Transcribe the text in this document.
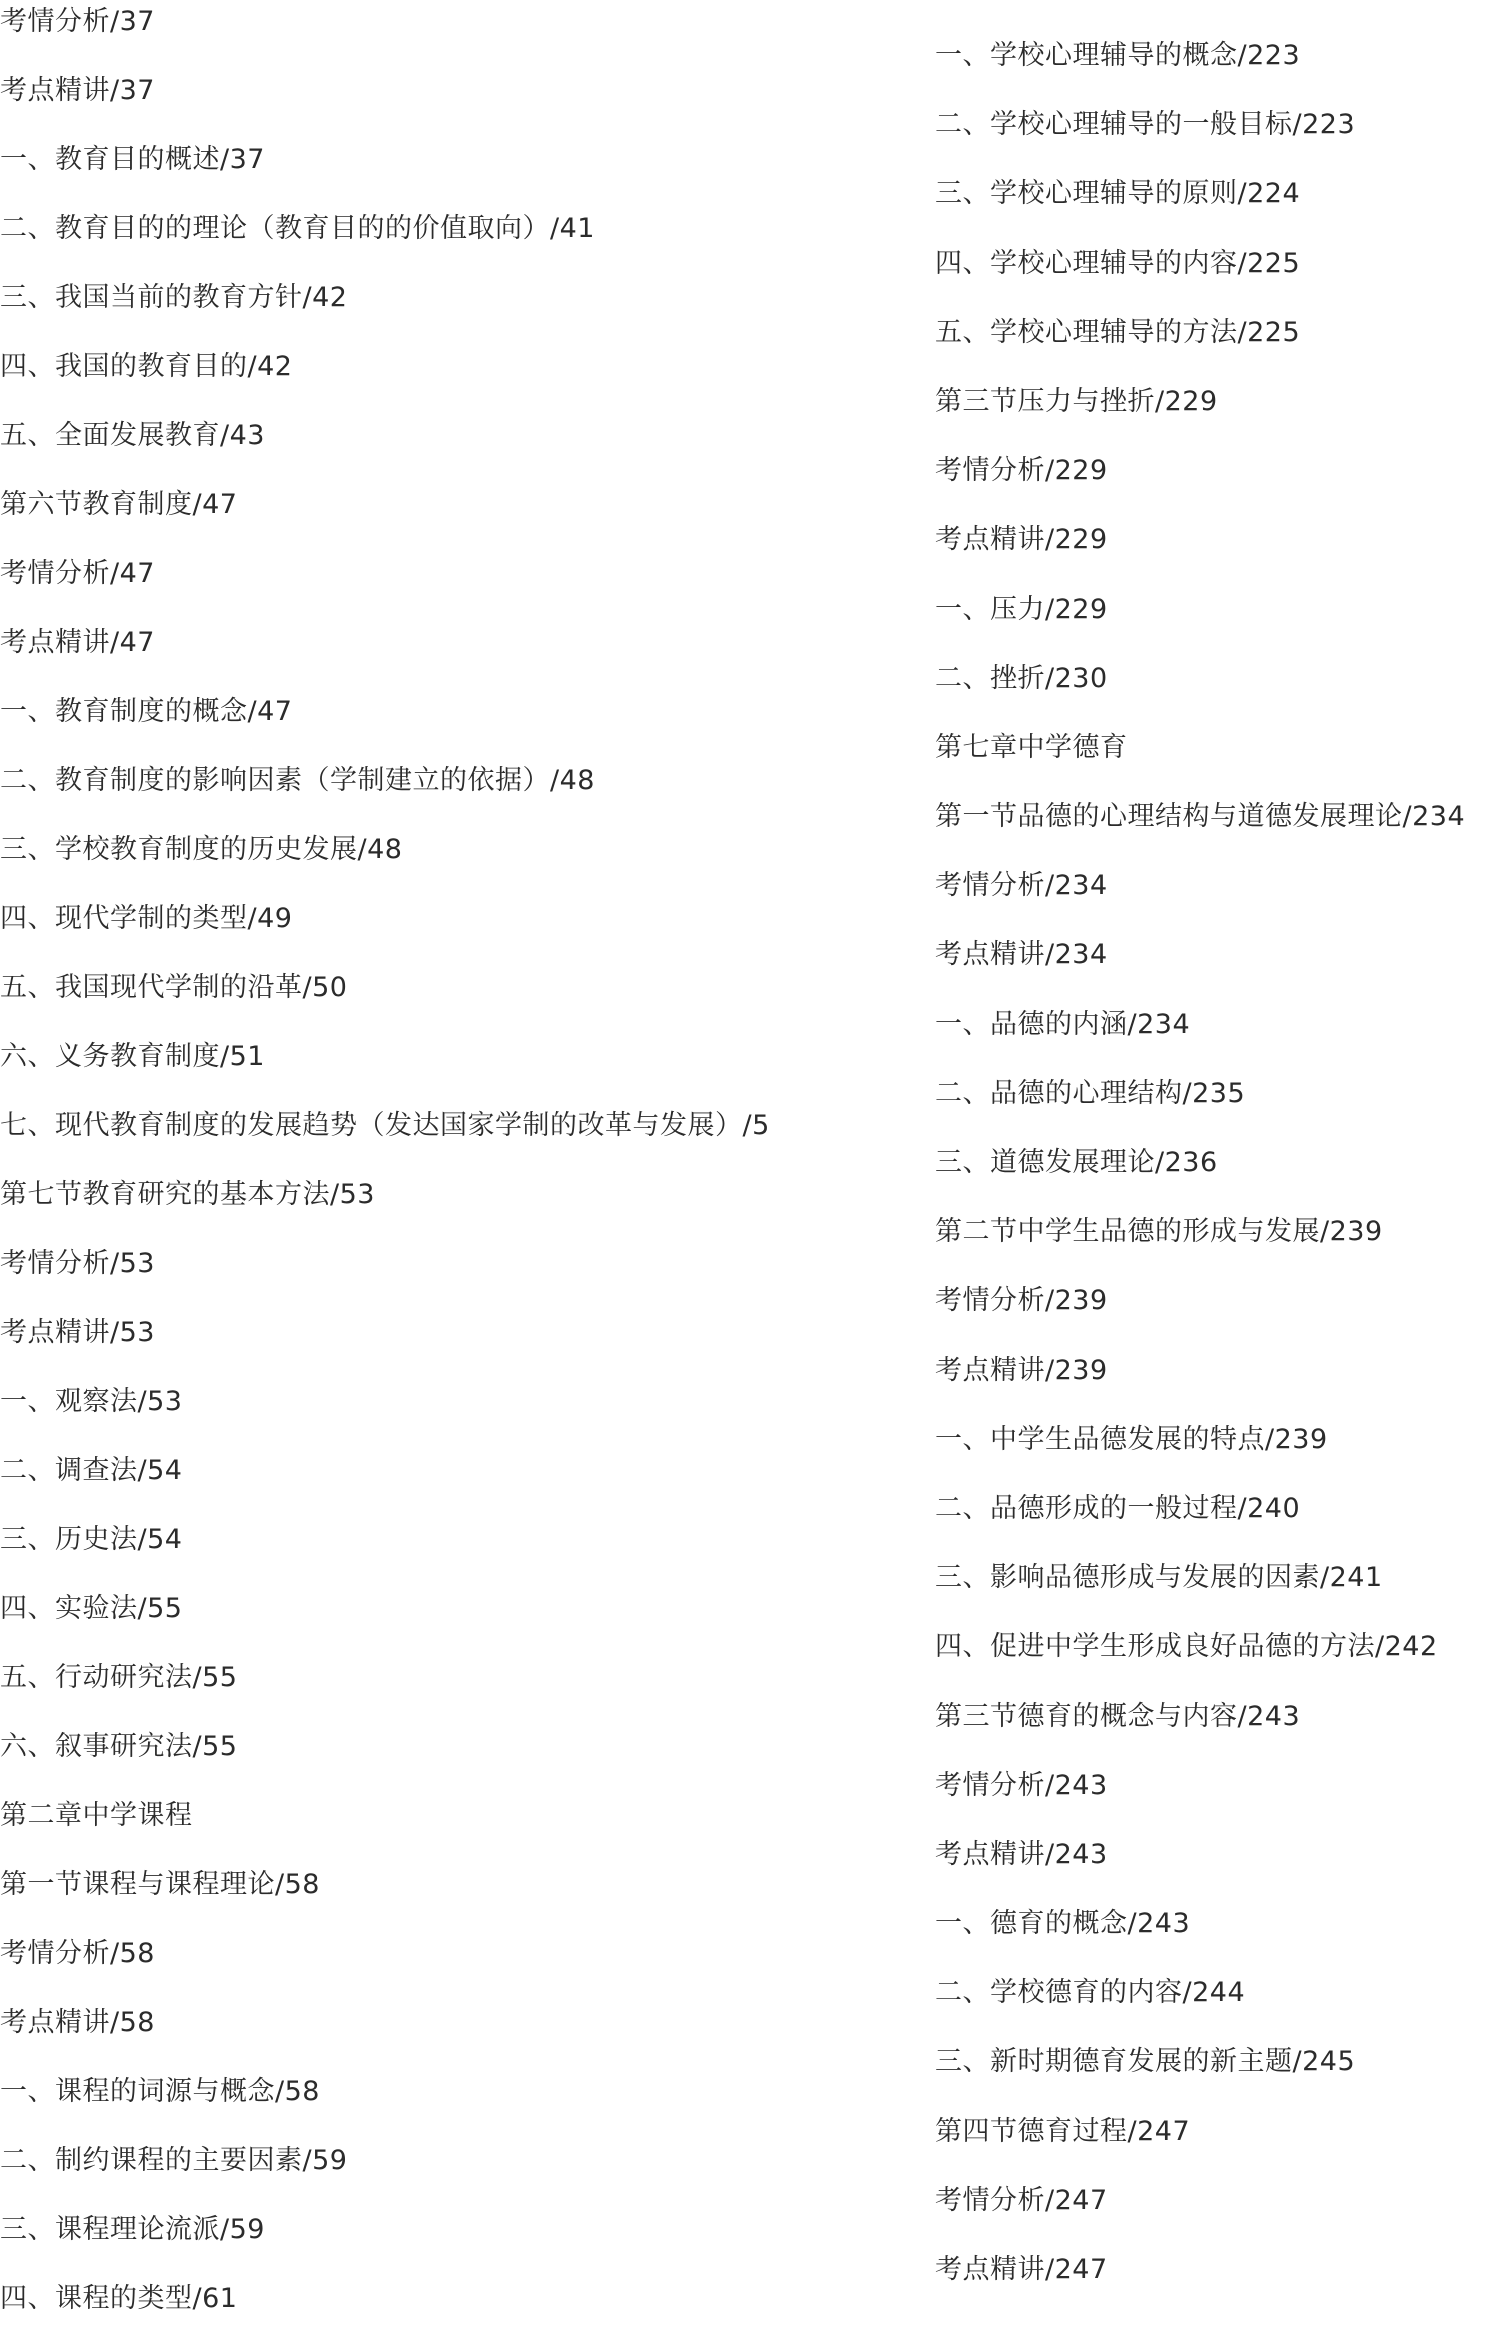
考情分析/37
考点精讲/37
一、教育目的概述/37
二、教育目的的理论（教育目的的价值取向）/41
三、我国当前的教育方针/42
四、我国的教育目的/42
五、全面发展教育/43
第六节教育制度/47
考情分析/47
考点精讲/47
一、教育制度的概念/47
二、教育制度的影响因素（学制建立的依据）/48
三、学校教育制度的历史发展/48
四、现代学制的类型/49
五、我国现代学制的沿革/50
六、义务教育制度/51
七、现代教育制度的发展趋势（发达国家学制的改革与发展）/5
第七节教育研究的基本方法/53
考情分析/53
考点精讲/53
一、观察法/53
二、调查法/54
三、历史法/54
四、实验法/55
五、行动研究法/55
六、叙事研究法/55
第二章中学课程
第一节课程与课程理论/58
考情分析/58
考点精讲/58
一、课程的词源与概念/58
二、制约课程的主要因素/59
三、课程理论流派/59
四、课程的类型/61
一、学校心理辅导的概念/223
二、学校心理辅导的一般目标/223
三、学校心理辅导的原则/224
四、学校心理辅导的内容/225
五、学校心理辅导的方法/225
第三节压力与挫折/229
考情分析/229
考点精讲/229
一、压力/229
二、挫折/230
第七章中学德育
第一节品德的心理结构与道德发展理论/234
考情分析/234
考点精讲/234
一、品德的内涵/234
二、品德的心理结构/235
三、道德发展理论/236
第二节中学生品德的形成与发展/239
考情分析/239
考点精讲/239
一、中学生品德发展的特点/239
二、品德形成的一般过程/240
三、影响品德形成与发展的因素/241
四、促进中学生形成良好品德的方法/242
第三节德育的概念与内容/243
考情分析/243
考点精讲/243
一、德育的概念/243
二、学校德育的内容/244
三、新时期德育发展的新主题/245
第四节德育过程/247
考情分析/247
考点精讲/247
